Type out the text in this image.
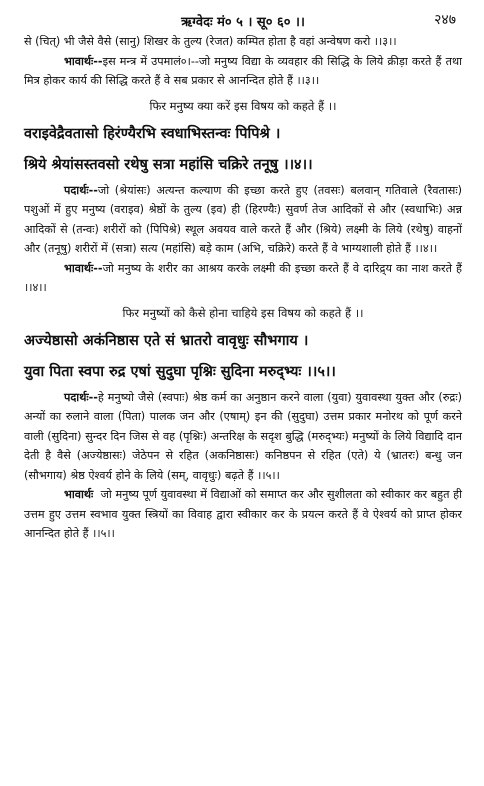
ऋग्वेदः मं० ५ । सू० ६० ।।	२४७

से (चित्) भी जैसे वैसे (सानु) शिखर के तुल्य (रेजत) कम्पित होता है वहां अन्वेषण करो ।।३।।

भावार्थः--इस मन्त्र में उपमालं०।--जो मनुष्य विद्या के व्यवहार की सिद्धि के लिये क्रीड़ा करते हैं तथा मित्र होकर कार्य की सिद्धि करते हैं वे सब प्रकार से आनन्दित होते हैं ।।३।।

फिर मनुष्य क्या करें इस विषय को कहते हैं ।।
वराइवेद्रैवतासो हिरंण्यैरभि स्वधाभिस्तन्वः पिपिश्रे ।
श्रिये श्रेयांसस्तवसो रथेषु सत्रा महांसि चक्रिरे तनूषु ।।४।।

पदार्थः--जो (श्रेयांसः) अत्यन्त कल्याण की इच्छा करते हुए (तवसः) बलवान् गतिवाले (रैवतासः) पशुओं में हुए मनुष्य (वराइव) श्रेष्ठों के तुल्य (इव) ही (हिरण्यैः) सुवर्ण तेज आदिकों से और (स्वधाभिः) अन्न आदिकों से (तन्वः) शरीरों को (पिपिश्रे) स्थूल अवयव वाले करते हैं और (श्रिये) लक्ष्मी के लिये (रथेषु) वाहनों और (तनूषु) शरीरों में (सत्रा) सत्य (महांसि) बड़े काम (अभि, चक्रिरे) करते हैं वे भाग्यशाली होते हैं ।।४।।

भावार्थः--जो मनुष्य के शरीर का आश्रय करके लक्ष्मी की इच्छा करते हैं वे दारिद्र्य का नाश करते हैं ।।४।।

फिर मनुष्यों को कैसे होना चाहिये इस विषय को कहते हैं ।।
अज्येष्ठासो अकंनिष्ठास एते सं भ्रातरो वावृधुः सौभगाय ।
युवा पिता स्वपा रुद्र एषां सुदुघा पृश्निः सुदिना मरुद्भ्यः ।।५।।

पदार्थः--हे मनुष्यो जैसे (स्वपाः) श्रेष्ठ कर्म का अनुष्ठान करने वाला (युवा) युवावस्था युक्त और (रुद्रः) अन्यों का रुलाने वाला (पिता) पालक जन और (एषाम्) इन की (सुदुघा) उत्तम प्रकार मनोरथ को पूर्ण करने वाली (सुदिना) सुन्दर दिन जिस से वह (पृश्निः) अन्तरिक्ष के सदृश बुद्धि (मरुद्भ्यः) मनुष्यों के लिये विद्यादि दान देती है वैसे (अज्येष्ठासः) जेठेपन से रहित (अकनिष्ठासः) कनिष्ठपन से रहित (एते) ये (भ्रातरः) बन्धु जन (सौभगाय) श्रेष्ठ ऐश्वर्य होने के लिये (सम्, वावृधुः) बढ़ते हैं ।।५।।

भावार्थः जो मनुष्य पूर्ण युवावस्था में विद्याओं को समाप्त कर और सुशीलता को स्वीकार कर बहुत ही उत्तम हुए उत्तम स्वभाव युक्त स्त्रियों का विवाह द्वारा स्वीकार कर के प्रयत्न करते हैं वे ऐश्वर्य को प्राप्त होकर आनन्दित होते हैं ।।५।।
